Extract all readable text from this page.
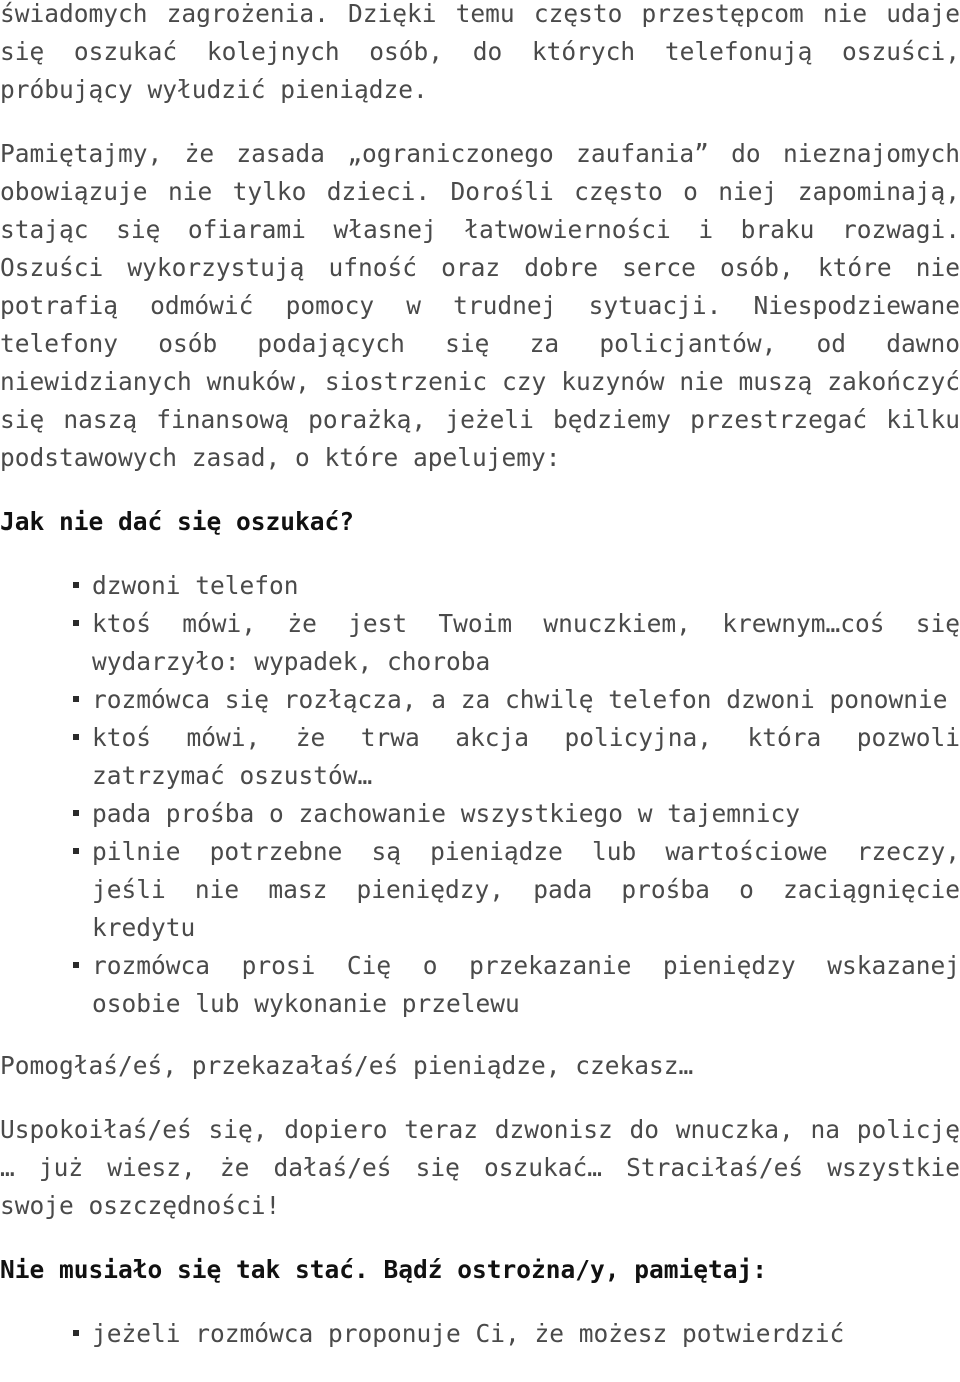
świadomych zagrożenia. Dzięki temu często przestępcom nie udaje się oszukać kolejnych osób, do których telefonują oszuści, próbujący wyłudzić pieniądze.

Pamiętajmy, że zasada „ograniczonego zaufania” do nieznajomych obowiązuje nie tylko dzieci. Dorośli często o niej zapominają, stając się ofiarami własnej łatwowierności i braku rozwagi. Oszuści wykorzystują ufność oraz dobre serce osób, które nie potrafią odmówić pomocy w trudnej sytuacji. Niespodziewane telefony osób podających się za policjantów, od dawno niewidzianych wnuków, siostrzenic czy kuzynów nie muszą zakończyć się naszą finansową porażką, jeżeli będziemy przestrzegać kilku podstawowych zasad, o które apelujemy:

Jak nie dać się oszukać?

dzwoni telefon
ktoś mówi, że jest Twoim wnuczkiem, krewnym…coś się wydarzyło: wypadek, choroba
rozmówca się rozłącza, a za chwilę telefon dzwoni ponownie
ktoś mówi, że trwa akcja policyjna, która pozwoli zatrzymać oszustów…
pada prośba o zachowanie wszystkiego w tajemnicy
pilnie potrzebne są pieniądze lub wartościowe rzeczy, jeśli nie masz pieniędzy, pada prośba o zaciągnięcie kredytu
rozmówca prosi Cię o przekazanie pieniędzy wskazanej osobie lub wykonanie przelewu

Pomogłaś/eś, przekazałaś/eś pieniądze, czekasz…

Uspokoiłaś/eś się, dopiero teraz dzwonisz do wnuczka, na policję … już wiesz, że dałaś/eś się oszukać… Straciłaś/eś wszystkie swoje oszczędności!

Nie musiało się tak stać. Bądź ostrożna/y, pamiętaj:

jeżeli rozmówca proponuje Ci, że możesz potwierdzić
